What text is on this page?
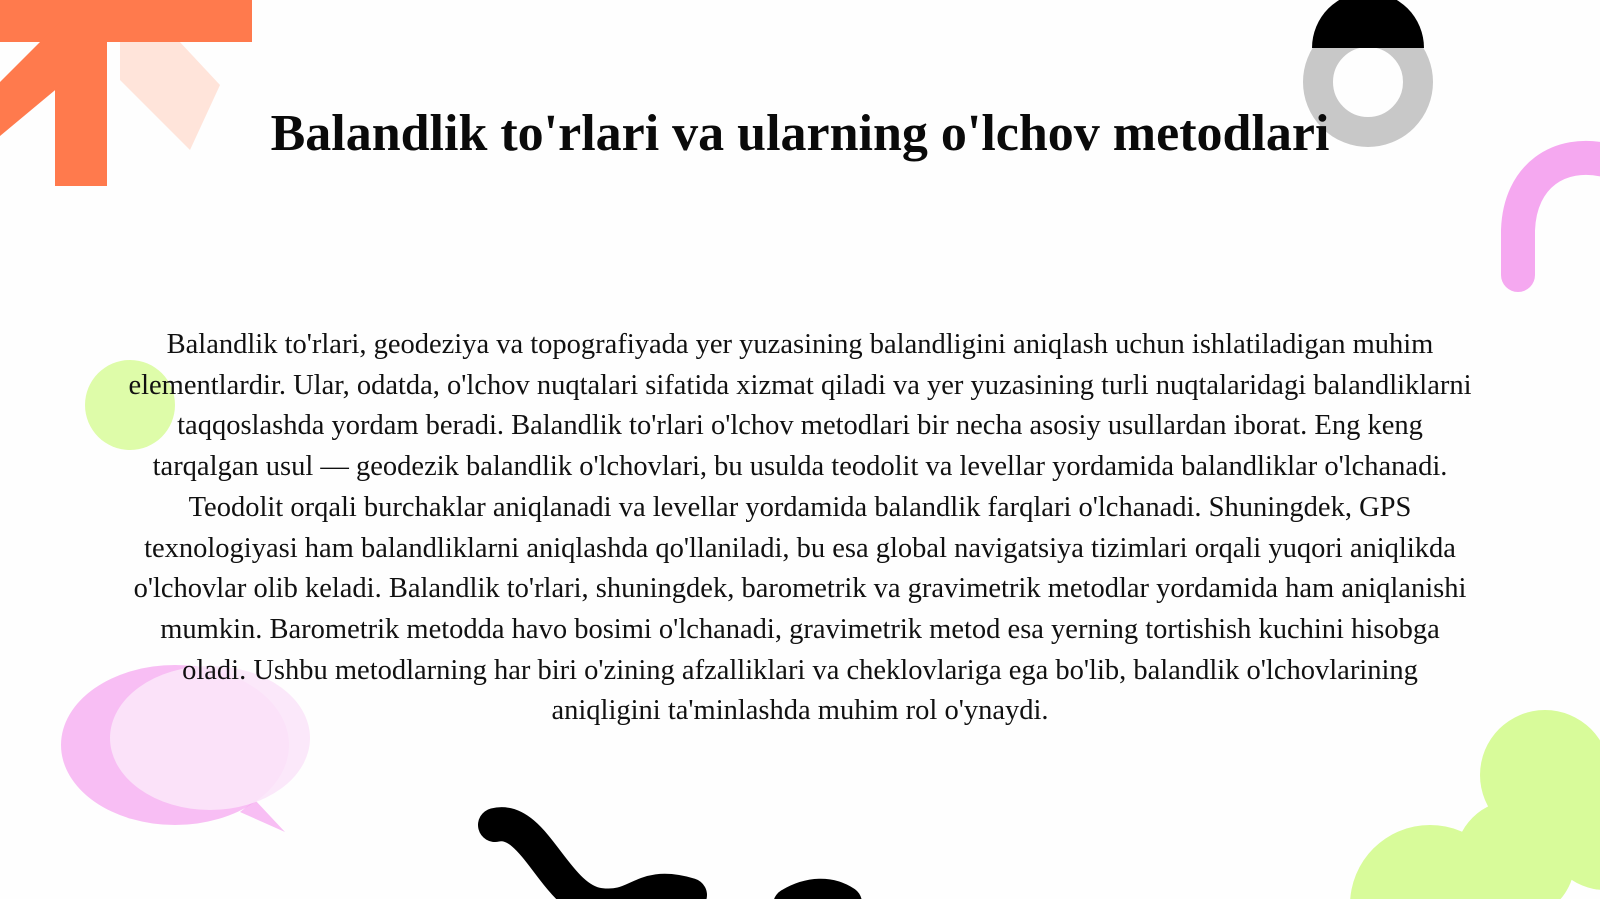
Balandlik to'rlari va ularning o'lchov metodlari

Balandlik to'rlari, geodeziya va topografiyada yer yuzasining balandligini aniqlash uchun ishlatiladigan muhim elementlardir. Ular, odatda, o'lchov nuqtalari sifatida xizmat qiladi va yer yuzasining turli nuqtalaridagi balandliklarni taqqoslashda yordam beradi. Balandlik to'rlari o'lchov metodlari bir necha asosiy usullardan iborat. Eng keng tarqalgan usul — geodezik balandlik o'lchovlari, bu usulda teodolit va levellar yordamida balandliklar o'lchanadi. Teodolit orqali burchaklar aniqlanadi va levellar yordamida balandlik farqlari o'lchanadi. Shuningdek, GPS texnologiyasi ham balandliklarni aniqlashda qo'llaniladi, bu esa global navigatsiya tizimlari orqali yuqori aniqlikda o'lchovlar olib keladi. Balandlik to'rlari, shuningdek, barometrik va gravimetrik metodlar yordamida ham aniqlanishi mumkin. Barometrik metodda havo bosimi o'lchanadi, gravimetrik metod esa yerning tortishish kuchini hisobga oladi. Ushbu metodlarning har biri o'zining afzalliklari va cheklovlariga ega bo'lib, balandlik o'lchovlarining aniqligini ta'minlashda muhim rol o'ynaydi.
